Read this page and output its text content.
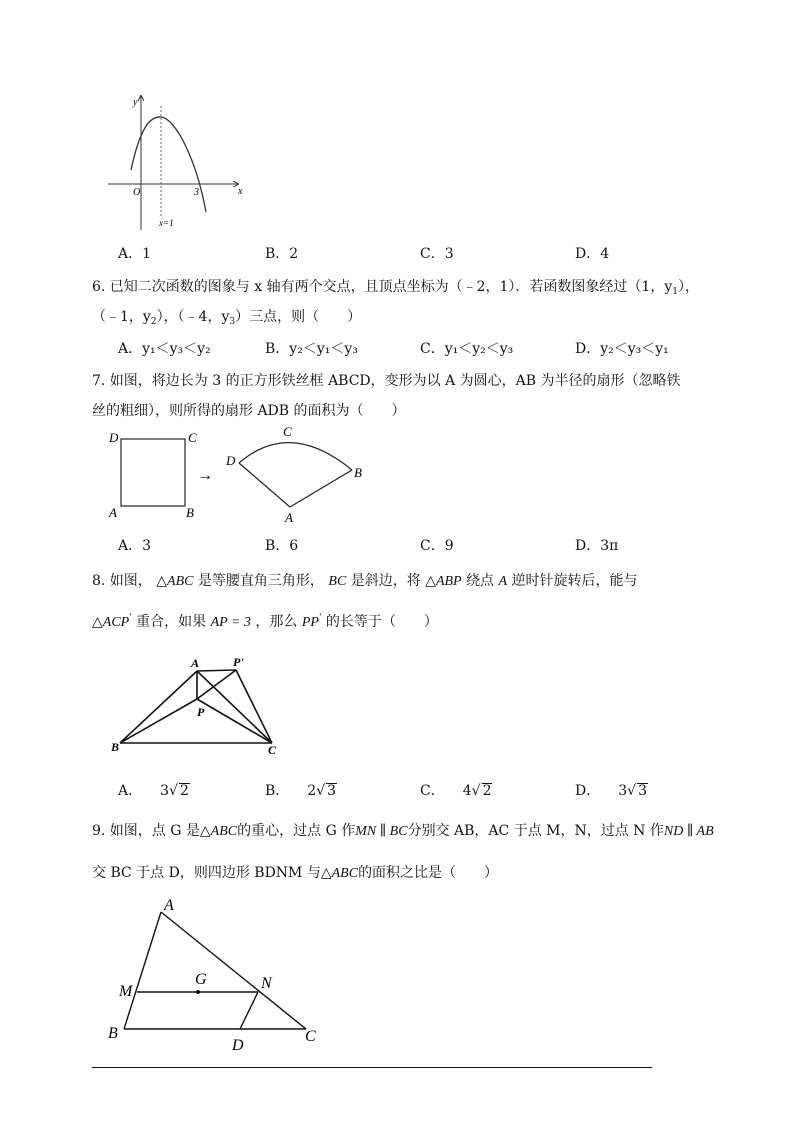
y
x
O	3
x=1
A．1	B．2	C．3	D．4
6. 已知二次函数的图象与 x 轴有两个交点，且顶点坐标为（﹣2，1）．若函数图象经过（1，$y_1$），
（﹣1，$y_2$），（﹣4，$y_3$）三点，则（　　）
A．y₁＜y₃＜y₂	B．y₂＜y₁＜y₃	C．y₁＜y₂＜y₃	D．y₂＜y₃＜y₁
7. 如图，将边长为 3 的正方形铁丝框 ABCD，变形为以 A 为圆心，AB 为半径的扇形（忽略铁
丝的粗细），则所得的扇形 ADB 的面积为（　　）
D	C
A	B
→
C
D
B
A
A．3	B．6	C．9	D．3π
8. 如图， △ABC 是等腰直角三角形， BC 是斜边，将 △ABP 绕点 A 逆时针旋转后，能与
△ACP' 重合，如果 AP = 3 ，那么 PP' 的长等于（　　）
A	P'
P
B	C
A． 3√ 2	B． 2√ 3	C． 4√ 2	D． 3√ 3
9. 如图，点 G 是△ABC的重心，过点 G 作MN ∥ BC分别交 AB，AC 于点 M，N，过点 N 作ND ∥ AB
交 BC 于点 D，则四边形 BDNM 与△ABC的面积之比是（　　）
A
M
G	N
B
D
C
